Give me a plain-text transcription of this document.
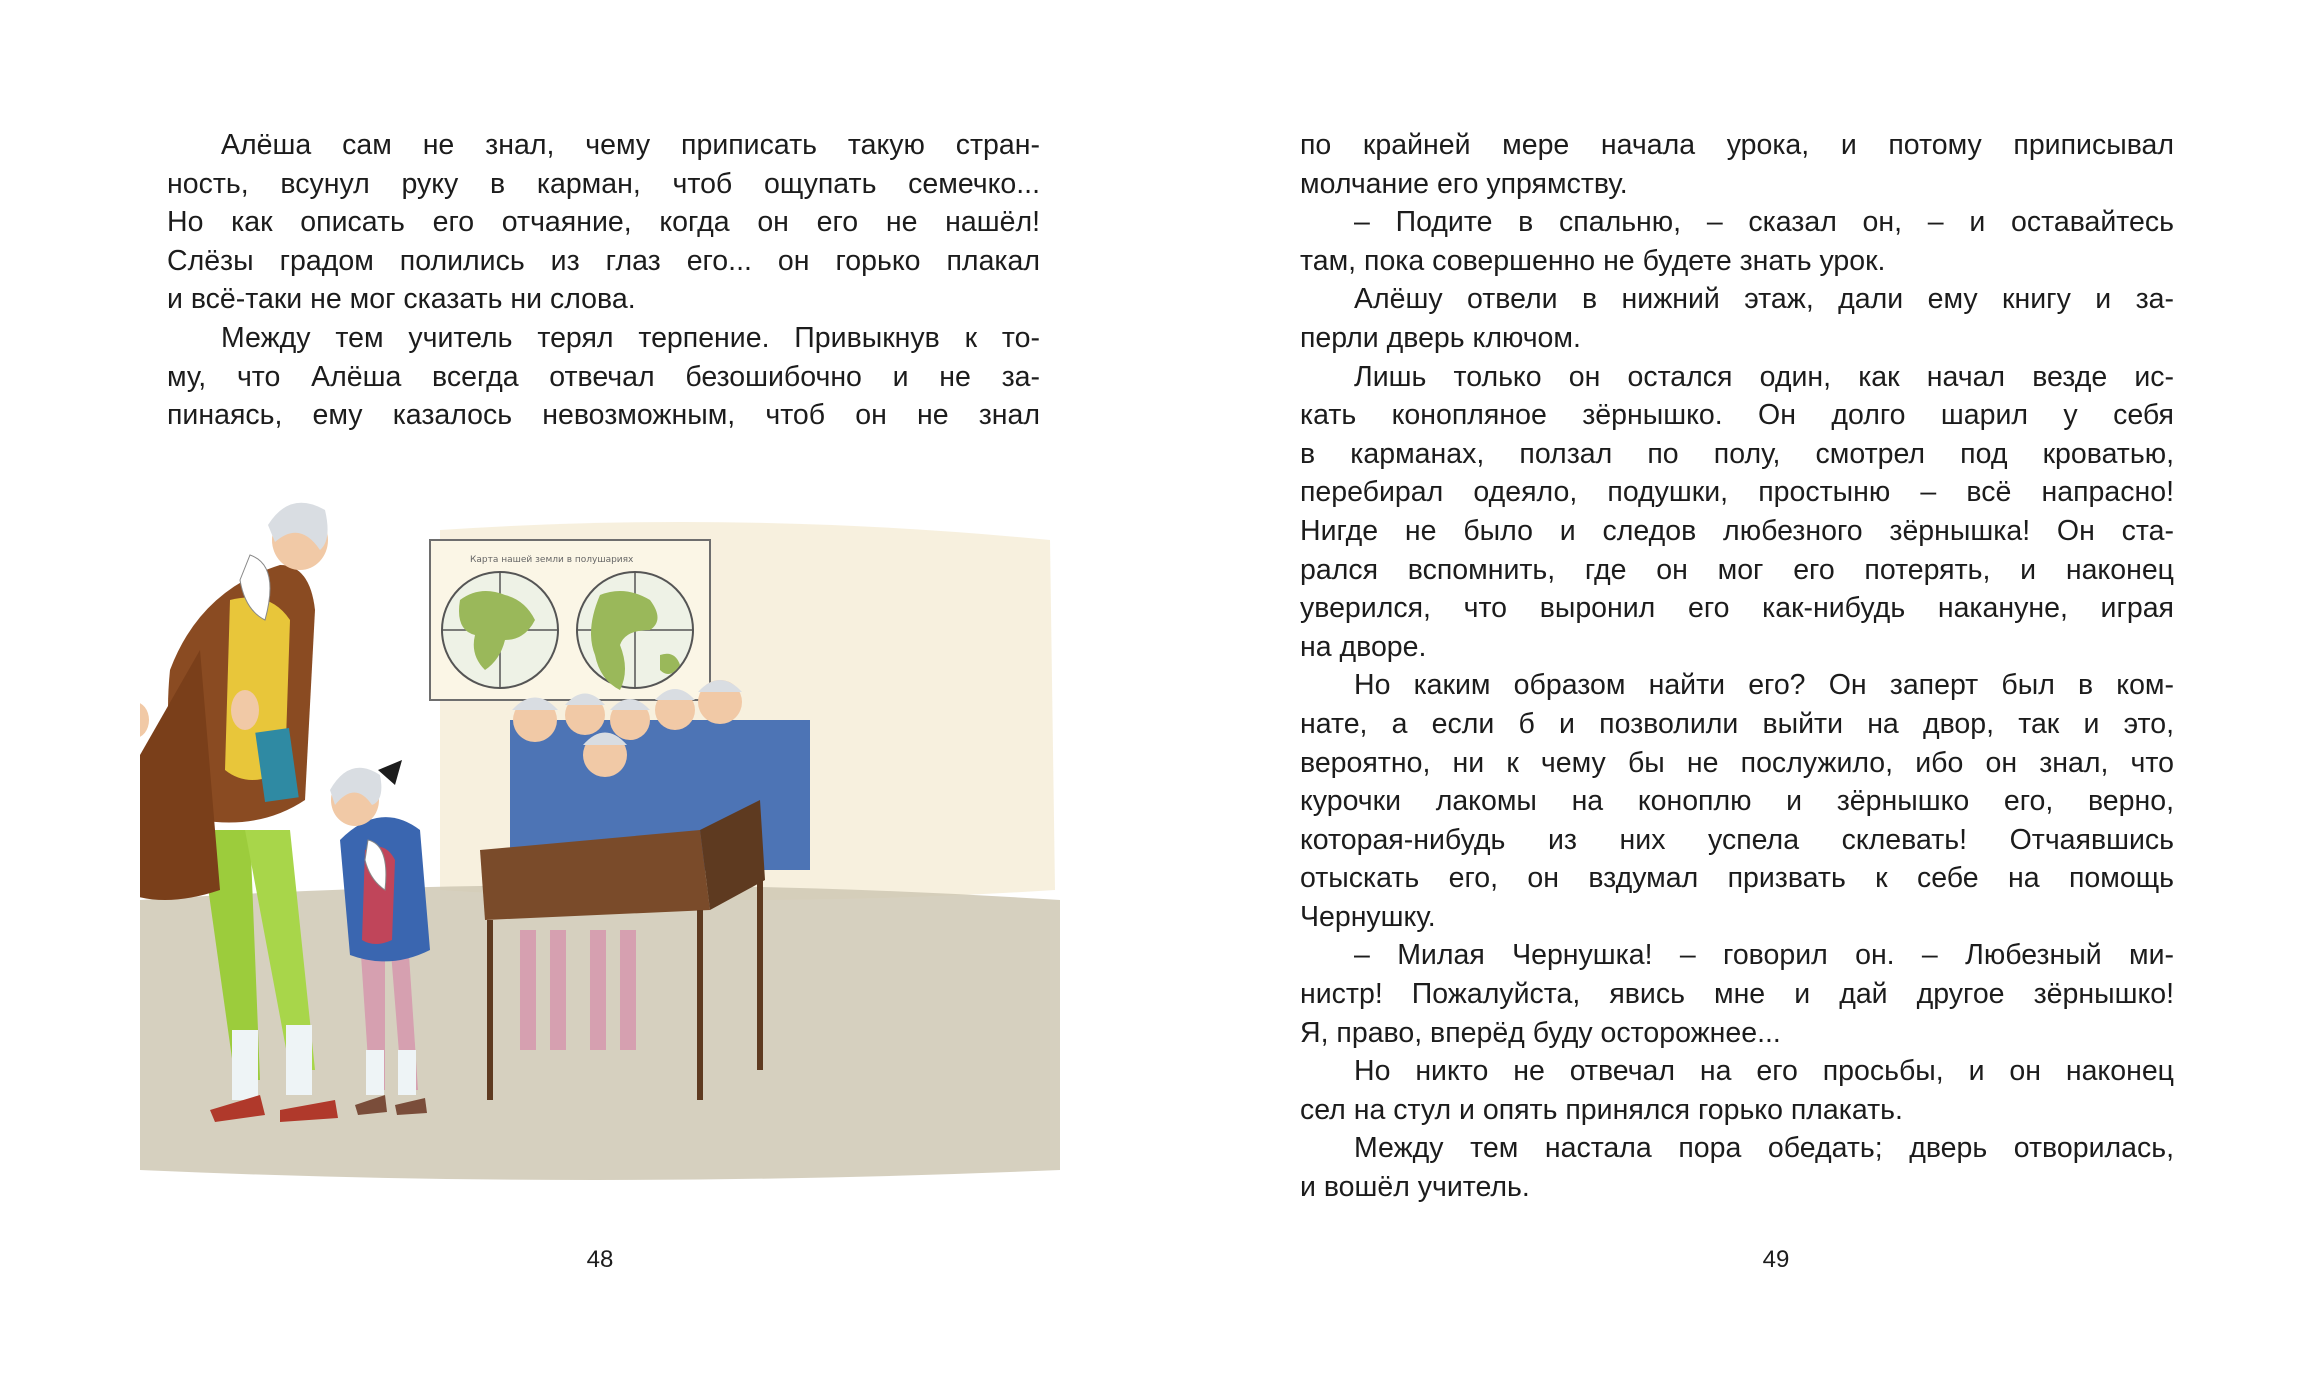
Алёша сам не знал, чему приписать такую стран-
ность, всунул руку в карман, чтоб ощупать семечко...
Но как описать его отчаяние, когда он его не нашёл!
Слёзы градом полились из глаз его... он горько плакал
и всё-таки не мог сказать ни слова.
Между тем учитель терял терпение. Привыкнув к то-
му, что Алёша всегда отвечал безошибочно и не за-
пинаясь, ему казалось невозможным, чтоб он не знал
Карта нашей земли в полушариях
48
по крайней мере начала урока, и потому приписывал
молчание его упрямству.
– Подите в спальню, – сказал он, – и оставайтесь
там, пока совершенно не будете знать урок.
Алёшу отвели в нижний этаж, дали ему книгу и за-
перли дверь ключом.
Лишь только он остался один, как начал везде ис-
кать конопляное зёрнышко. Он долго шарил у себя
в карманах, ползал по полу, смотрел под кроватью,
перебирал одеяло, подушки, простыню – всё напрасно!
Нигде не было и следов любезного зёрнышка! Он ста-
рался вспомнить, где он мог его потерять, и наконец
уверился, что выронил его как-нибудь накануне, играя
на дворе.
Но каким образом найти его? Он заперт был в ком-
нате, а если б и позволили выйти на двор, так и это,
вероятно, ни к чему бы не послужило, ибо он знал, что
курочки лакомы на коноплю и зёрнышко его, верно,
которая-нибудь из них успела склевать! Отчаявшись
отыскать его, он вздумал призвать к себе на помощь
Чернушку.
– Милая Чернушка! – говорил он. – Любезный ми-
нистр! Пожалуйста, явись мне и дай другое зёрнышко!
Я, право, вперёд буду осторожнее...
Но никто не отвечал на его просьбы, и он наконец
сел на стул и опять принялся горько плакать.
Между тем настала пора обедать; дверь отворилась,
и вошёл учитель.
49
